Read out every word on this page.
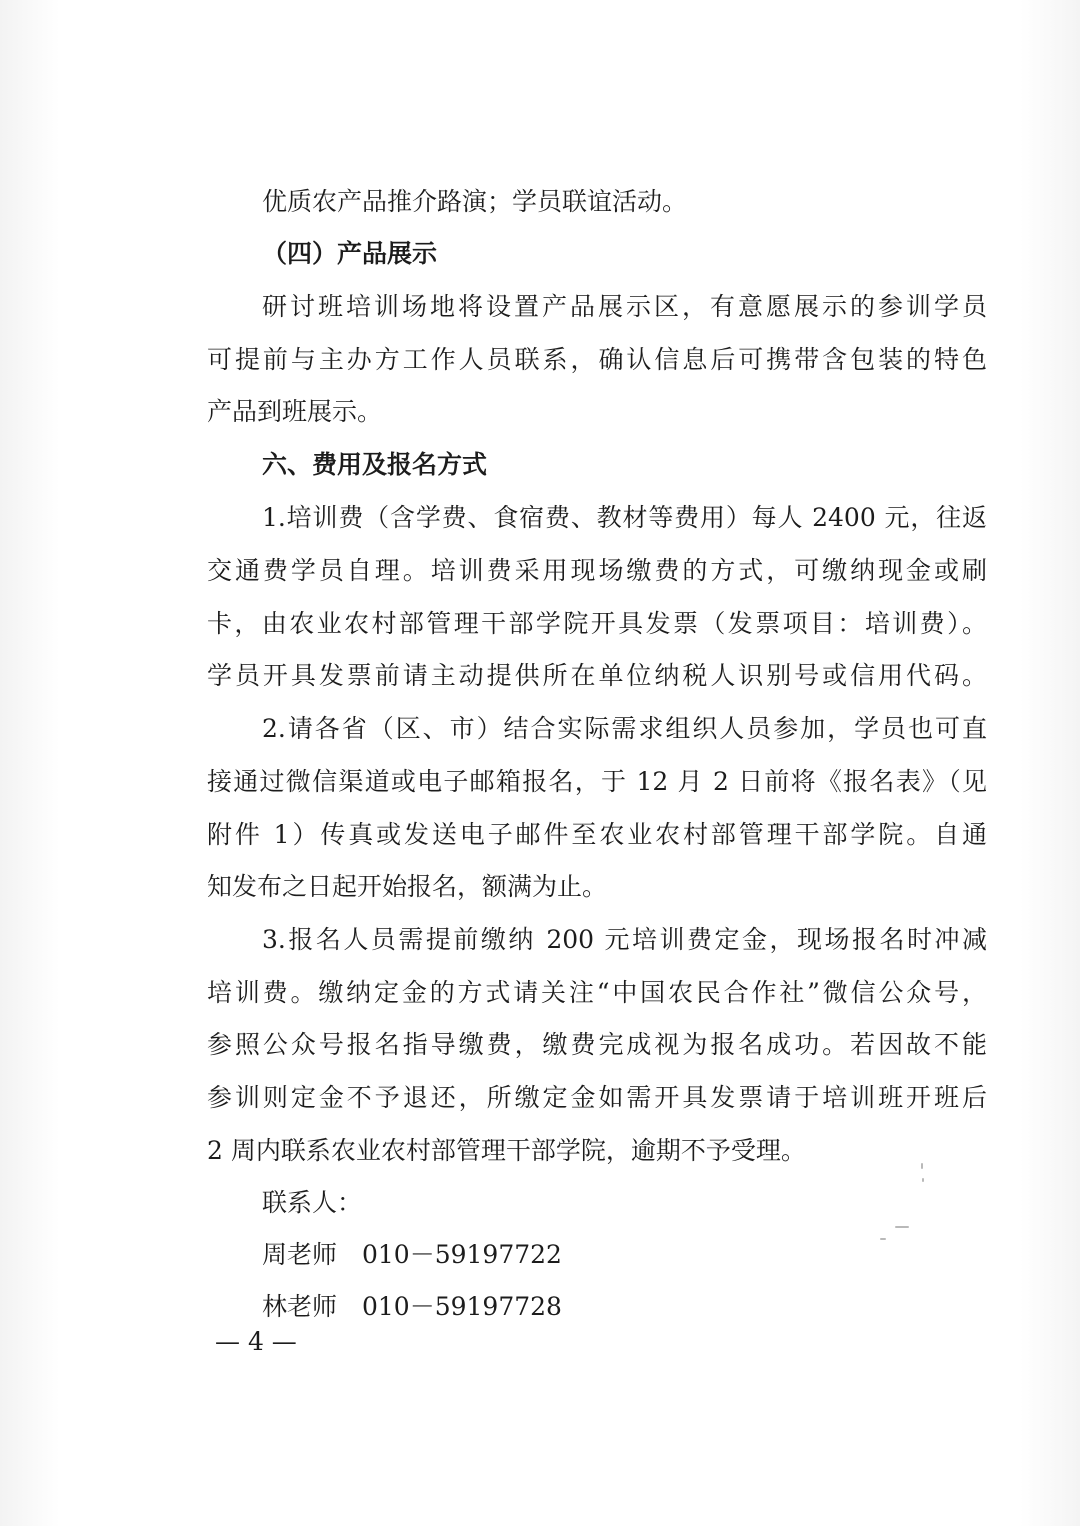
优质农产品推介路演；学员联谊活动。
（四）产品展示
研讨班培训场地将设置产品展示区，有意愿展示的参训学员
可提前与主办方工作人员联系，确认信息后可携带含包装的特色
产品到班展示。
六、费用及报名方式
1.培训费（含学费、食宿费、教材等费用）每人 2400 元，往返
交通费学员自理。培训费采用现场缴费的方式，可缴纳现金或刷
卡，由农业农村部管理干部学院开具发票（发票项目：培训费）。
学员开具发票前请主动提供所在单位纳税人识别号或信用代码。
2.请各省（区、市）结合实际需求组织人员参加，学员也可直
接通过微信渠道或电子邮箱报名，于 12 月 2 日前将《报名表》（见
附件 1）传真或发送电子邮件至农业农村部管理干部学院。自通
知发布之日起开始报名，额满为止。
3.报名人员需提前缴纳 200 元培训费定金，现场报名时冲减
培训费。缴纳定金的方式请关注“中国农民合作社”微信公众号，
参照公众号报名指导缴费，缴费完成视为报名成功。若因故不能
参训则定金不予退还，所缴定金如需开具发票请于培训班开班后
2 周内联系农业农村部管理干部学院，逾期不予受理。
联系人：
周老师　010－59197722
林老师　010－59197728
— 4 —
